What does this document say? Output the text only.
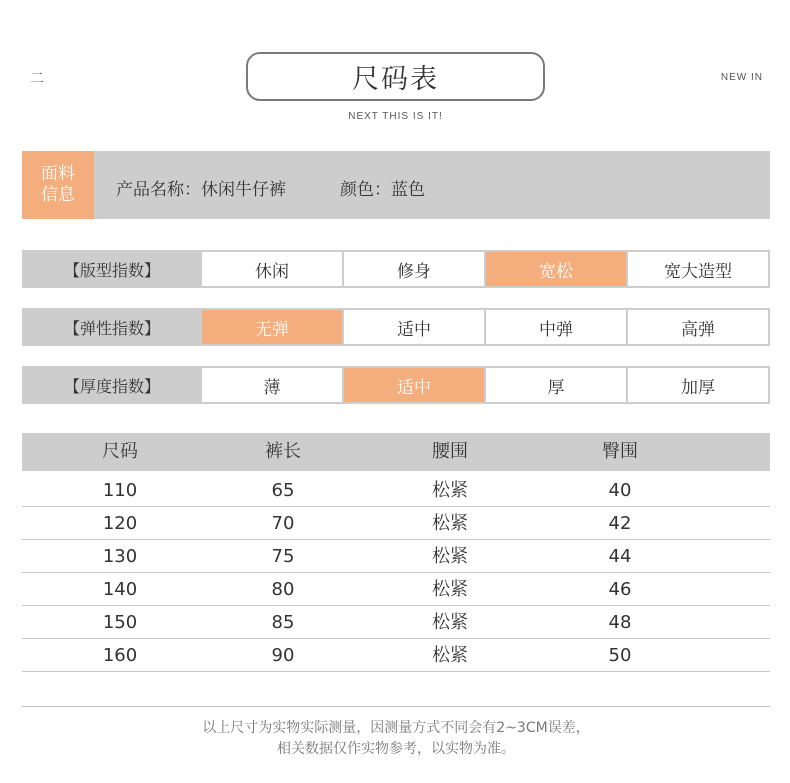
二	NEW IN
尺码表
NEXT THIS IS IT!
面料信息	产品名称：休闲牛仔裤	颜色：蓝色
【版型指数】	休闲	修身	宽松	宽大造型
【弹性指数】	无弹	适中	中弹	高弹
【厚度指数】	薄	适中	厚	加厚
尺码	裤长	腰围	臀围
110	65	松紧	40
120	70	松紧	42
130	75	松紧	44
140	80	松紧	46
150	85	松紧	48
160	90	松紧	50
以上尺寸为实物实际测量，因测量方式不同会有2~3CM误差，
相关数据仅作实物参考，以实物为准。
